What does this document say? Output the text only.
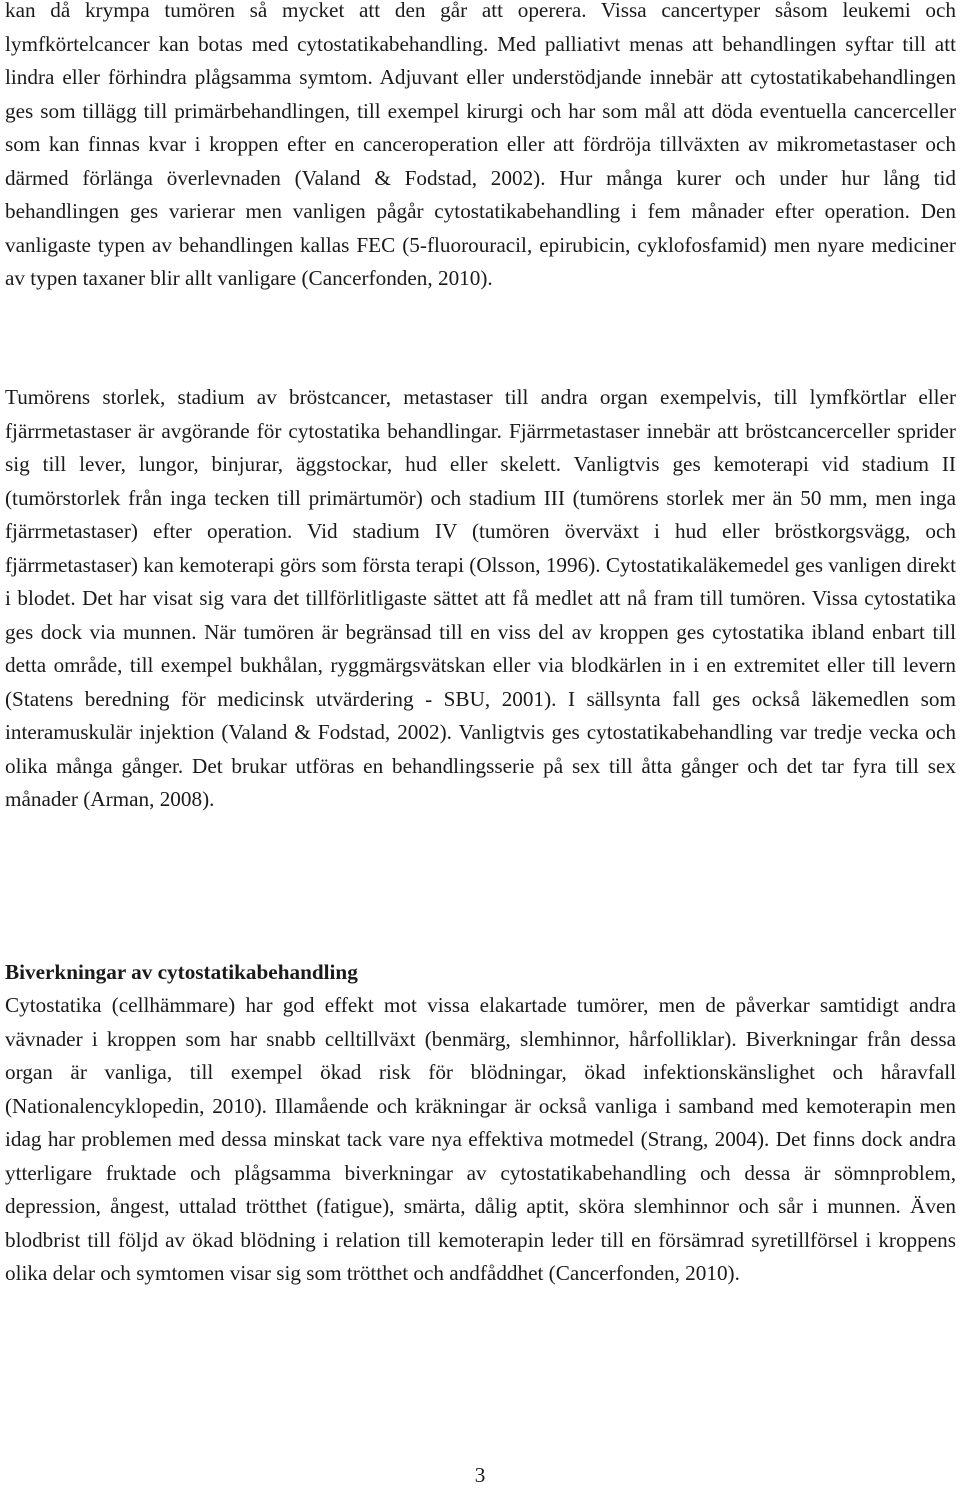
kan då krympa tumören så mycket att den går att operera. Vissa cancertyper såsom leukemi och lymfkörtelcancer kan botas med cytostatikabehandling. Med palliativt menas att behandlingen syftar till att lindra eller förhindra plågsamma symtom. Adjuvant eller understödjande innebär att cytostatikabehandlingen ges som tillägg till primärbehandlingen, till exempel kirurgi och har som mål att döda eventuella cancerceller som kan finnas kvar i kroppen efter en canceroperation eller att fördröja tillväxten av mikrometastaser och därmed förlänga överlevnaden (Valand & Fodstad, 2002). Hur många kurer och under hur lång tid behandlingen ges varierar men vanligen pågår cytostatikabehandling i fem månader efter operation. Den vanligaste typen av behandlingen kallas FEC (5-fluorouracil, epirubicin, cyklofosfamid) men nyare mediciner av typen taxaner blir allt vanligare (Cancerfonden, 2010).

Tumörens storlek, stadium av bröstcancer, metastaser till andra organ exempelvis, till lymfkörtlar eller fjärrmetastaser är avgörande för cytostatika behandlingar. Fjärrmetastaser innebär att bröstcancerceller sprider sig till lever, lungor, binjurar, äggstockar, hud eller skelett. Vanligtvis ges kemoterapi vid stadium II (tumörstorlek från inga tecken till primärtumör) och stadium III (tumörens storlek mer än 50 mm, men inga fjärrmetastaser) efter operation. Vid stadium IV (tumören överväxt i hud eller bröstkorgsvägg, och fjärrmetastaser) kan kemoterapi görs som första terapi (Olsson, 1996). Cytostatikaläkemedel ges vanligen direkt i blodet. Det har visat sig vara det tillförlitligaste sättet att få medlet att nå fram till tumören. Vissa cytostatika ges dock via munnen. När tumören är begränsad till en viss del av kroppen ges cytostatika ibland enbart till detta område, till exempel bukhålan, ryggmärgsvätskan eller via blodkärlen in i en extremitet eller till levern (Statens beredning för medicinsk utvärdering - SBU, 2001). I sällsynta fall ges också läkemedlen som interamuskulär injektion (Valand & Fodstad, 2002). Vanligtvis ges cytostatikabehandling var tredje vecka och olika många gånger. Det brukar utföras en behandlingsserie på sex till åtta gånger och det tar fyra till sex månader (Arman, 2008).

Biverkningar av cytostatikabehandling

Cytostatika (cellhämmare) har god effekt mot vissa elakartade tumörer, men de påverkar samtidigt andra vävnader i kroppen som har snabb celltillväxt (benmärg, slemhinnor, hårfolliklar). Biverkningar från dessa organ är vanliga, till exempel ökad risk för blödningar, ökad infektionskänslighet och håravfall (Nationalencyklopedin, 2010). Illamående och kräkningar är också vanliga i samband med kemoterapin men idag har problemen med dessa minskat tack vare nya effektiva motmedel (Strang, 2004). Det finns dock andra ytterligare fruktade och plågsamma biverkningar av cytostatikabehandling och dessa är sömnproblem, depression, ångest, uttalad trötthet (fatigue), smärta, dålig aptit, sköra slemhinnor och sår i munnen. Även blodbrist till följd av ökad blödning i relation till kemoterapin leder till en försämrad syretillförsel i kroppens olika delar och symtomen visar sig som trötthet och andfåddhet (Cancerfonden, 2010).

3
